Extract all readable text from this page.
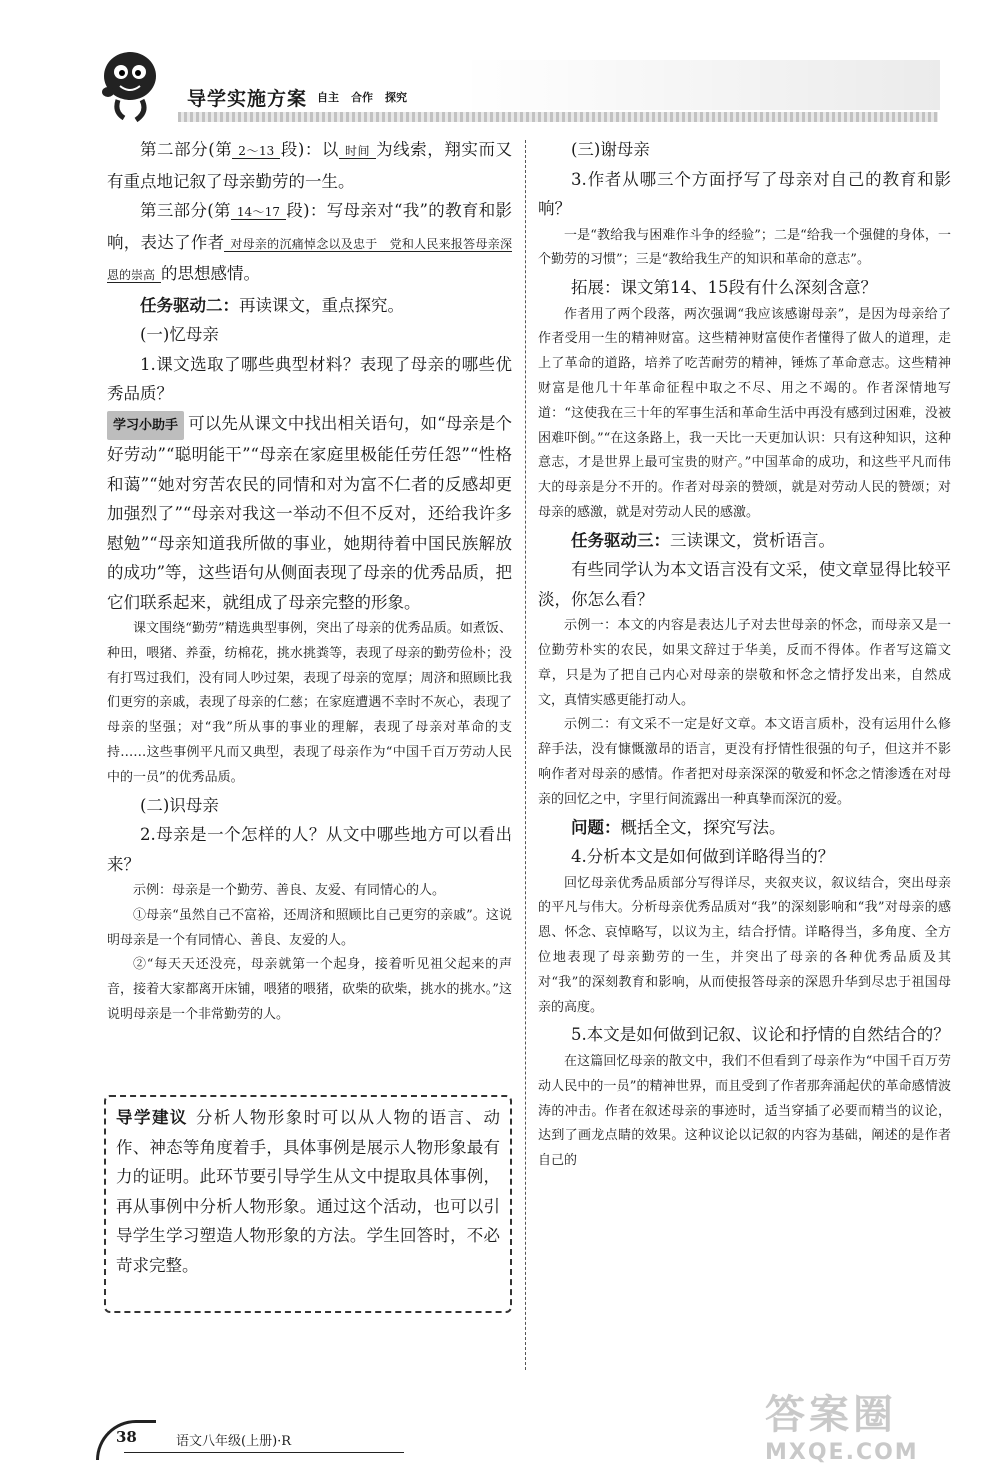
导学实施方案 自主 合作 探究
第二部分(第 2～13 段)：以 时间 为线索，翔实而又有重点地记叙了母亲勤劳的一生。
第三部分(第 14～17 段)：写母亲对“我”的教育和影响，表达了作者 对母亲的沉痛悼念以及忠于 党和人民来报答母亲深恩的崇高 的思想感情。
任务驱动二：再读课文，重点探究。
(一)忆母亲
1.课文选取了哪些典型材料？表现了母亲的哪些优秀品质？
学习小助手 可以先从课文中找出相关语句，如“母亲是个好劳动”“聪明能干”“母亲在家庭里极能任劳任怨”“性格和蔼”“她对穷苦农民的同情和对为富不仁者的反感却更加强烈了”“母亲对我这一举动不但不反对，还给我许多慰勉”“母亲知道我所做的事业，她期待着中国民族解放的成功”等，这些语句从侧面表现了母亲的优秀品质，把它们联系起来，就组成了母亲完整的形象。
课文围绕“勤劳”精选典型事例，突出了母亲的优秀品质。如煮饭、种田，喂猪、养蚕，纺棉花，挑水挑粪等，表现了母亲的勤劳俭朴；没有打骂过我们，没有同人吵过架，表现了母亲的宽厚；周济和照顾比我们更穷的亲戚，表现了母亲的仁慈；在家庭遭遇不幸时不灰心，表现了母亲的坚强；对“我”所从事的事业的理解，表现了母亲对革命的支持……这些事例平凡而又典型，表现了母亲作为“中国千百万劳动人民中的一员”的优秀品质。
(二)识母亲
2.母亲是一个怎样的人？从文中哪些地方可以看出来？
示例：母亲是一个勤劳、善良、友爱、有同情心的人。
①母亲“虽然自己不富裕，还周济和照顾比自己更穷的亲戚”。这说明母亲是一个有同情心、善良、友爱的人。
②“每天天还没亮，母亲就第一个起身，接着听见祖父起来的声音，接着大家都离开床铺，喂猪的喂猪，砍柴的砍柴，挑水的挑水。”这说明母亲是一个非常勤劳的人。
导学建议 分析人物形象时可以从人物的语言、动作、神态等角度着手，具体事例是展示人物形象最有力的证明。此环节要引导学生从文中提取具体事例，再从事例中分析人物形象。通过这个活动，也可以引导学生学习塑造人物形象的方法。学生回答时，不必苛求完整。
(三)谢母亲
3.作者从哪三个方面抒写了母亲对自己的教育和影响？
一是“教给我与困难作斗争的经验”；二是“给我一个强健的身体，一个勤劳的习惯”；三是“教给我生产的知识和革命的意志”。
拓展：课文第14、15段有什么深刻含意？
作者用了两个段落，两次强调“我应该感谢母亲”，是因为母亲给了作者受用一生的精神财富。这些精神财富使作者懂得了做人的道理，走上了革命的道路，培养了吃苦耐劳的精神，锤炼了革命意志。这些精神财富是他几十年革命征程中取之不尽、用之不竭的。作者深情地写道：“这使我在三十年的军事生活和革命生活中再没有感到过困难，没被困难吓倒。”“在这条路上，我一天比一天更加认识：只有这种知识，这种意志，才是世界上最可宝贵的财产。”中国革命的成功，和这些平凡而伟大的母亲是分不开的。作者对母亲的赞颂，就是对劳动人民的赞颂；对母亲的感激，就是对劳动人民的感激。
任务驱动三：三读课文，赏析语言。
有些同学认为本文语言没有文采，使文章显得比较平淡，你怎么看？
示例一：本文的内容是表达儿子对去世母亲的怀念，而母亲又是一位勤劳朴实的农民，如果文辞过于华美，反而不得体。作者写这篇文章，只是为了把自己内心对母亲的崇敬和怀念之情抒发出来，自然成文，真情实感更能打动人。
示例二：有文采不一定是好文章。本文语言质朴，没有运用什么修辞手法，没有慷慨激昂的语言，更没有抒情性很强的句子，但这并不影响作者对母亲的感情。作者把对母亲深深的敬爱和怀念之情渗透在对母亲的回忆之中，字里行间流露出一种真挚而深沉的爱。
问题：概括全文，探究写法。
4.分析本文是如何做到详略得当的？
回忆母亲优秀品质部分写得详尽，夹叙夹议，叙议结合，突出母亲的平凡与伟大。分析母亲优秀品质对“我”的深刻影响和“我”对母亲的感恩、怀念、哀悼略写，以议为主，结合抒情。详略得当，多角度、全方位地表现了母亲勤劳的一生，并突出了母亲的各种优秀品质及其对“我”的深刻教育和影响，从而使报答母亲的深恩升华到尽忠于祖国母亲的高度。
5.本文是如何做到记叙、议论和抒情的自然结合的？
在这篇回忆母亲的散文中，我们不但看到了母亲作为“中国千百万劳动人民中的一员”的精神世界，而且受到了作者那奔涌起伏的革命感情波涛的冲击。作者在叙述母亲的事迹时，适当穿插了必要而精当的议论，达到了画龙点睛的效果。这种议论以记叙的内容为基础，阐述的是作者自己的
38	语文八年级(上册)·R
答案圈
MXQE.COM
